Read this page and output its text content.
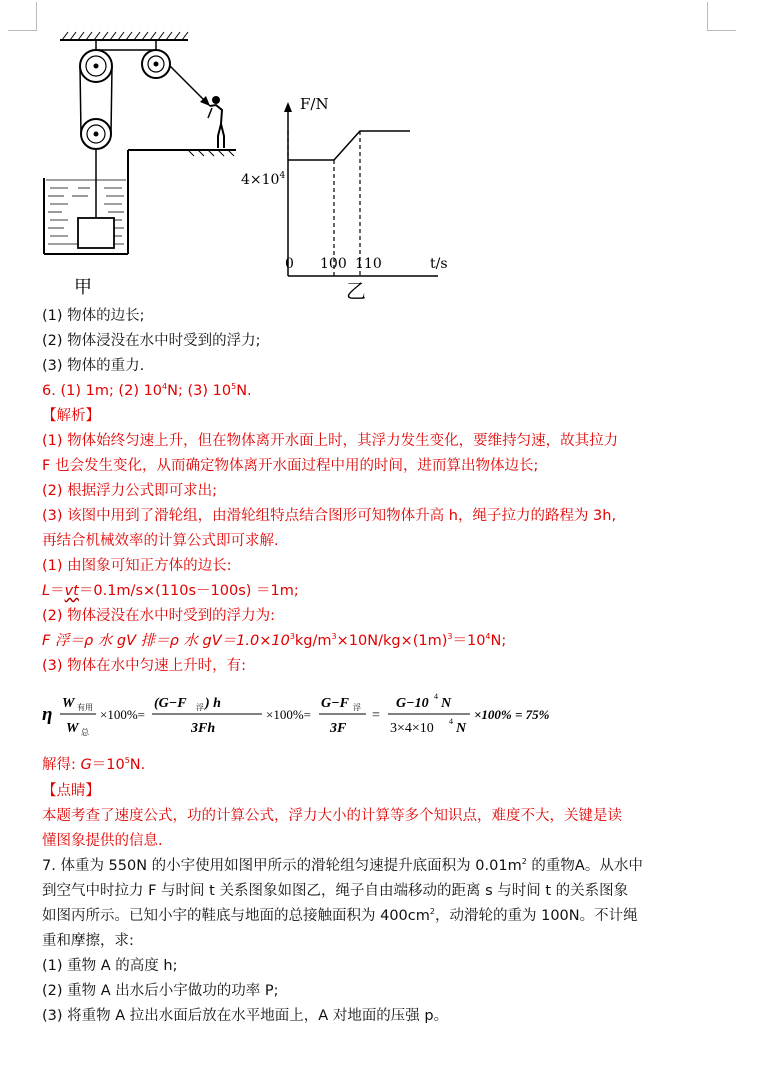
甲
F/N
$4\times 10^4$
0 100 110	t/s
乙
(1) 物体的边长;
(2) 物体浸没在水中时受到的浮力;
(3) 物体的重力.
6. (1) 1m; (2) $10^4N$; (3) $10^5N$.
【解析】
(1) 物体始终匀速上升，但在物体离开水面上时，其浮力发生变化，要维持匀速，故其拉力
F 也会发生变化，从而确定物体离开水面过程中用的时间，进而算出物体边长;
(2) 根据浮力公式即可求出;
(3) 该图中用到了滑轮组，由滑轮组特点结合图形可知物体升高 h，绳子拉力的路程为 3h,
再结合机械效率的计算公式即可求解.
(1) 由图象可知正方体的边长:
L＝vt＝0.1m/s×(110s－100s) ＝1m;
(2) 物体浸没在水中时受到的浮力为:
F 浮＝ρ 水 gV 排＝ρ 水 $gV=1.0\times 10^3kg/m^3\times 10N/kg\times(1m)^3=10^4N$;
(3) 物体在水中匀速上升时，有:
η
W 有用
W 总
×100%=
(G−F 浮 ) h
3Fh
×100%=
G−F 浮
3F
=
G−10 4 N
3×4×10 4 N
×100% = 75%
解得: $G=10^5N$.
【点睛】
本题考查了速度公式，功的计算公式，浮力大小的计算等多个知识点，难度不大，关键是读
懂图象提供的信息.
7. 体重为 550N 的小宇使用如图甲所示的滑轮组匀速提升底面积为 $0.01m^2$ 的重物A。从水中
到空气中时拉力 F 与时间 t 关系图象如图乙，绳子自由端移动的距离 s 与时间 t 的关系图象
如图丙所示。已知小宇的鞋底与地面的总接触面积为 $400cm^2$，动滑轮的重为 100N。不计绳
重和摩擦，求:
(1) 重物 A 的高度 h;
(2) 重物 A 出水后小宇做功的功率 P;
(3) 将重物 A 拉出水面后放在水平地面上，A 对地面的压强 p。
